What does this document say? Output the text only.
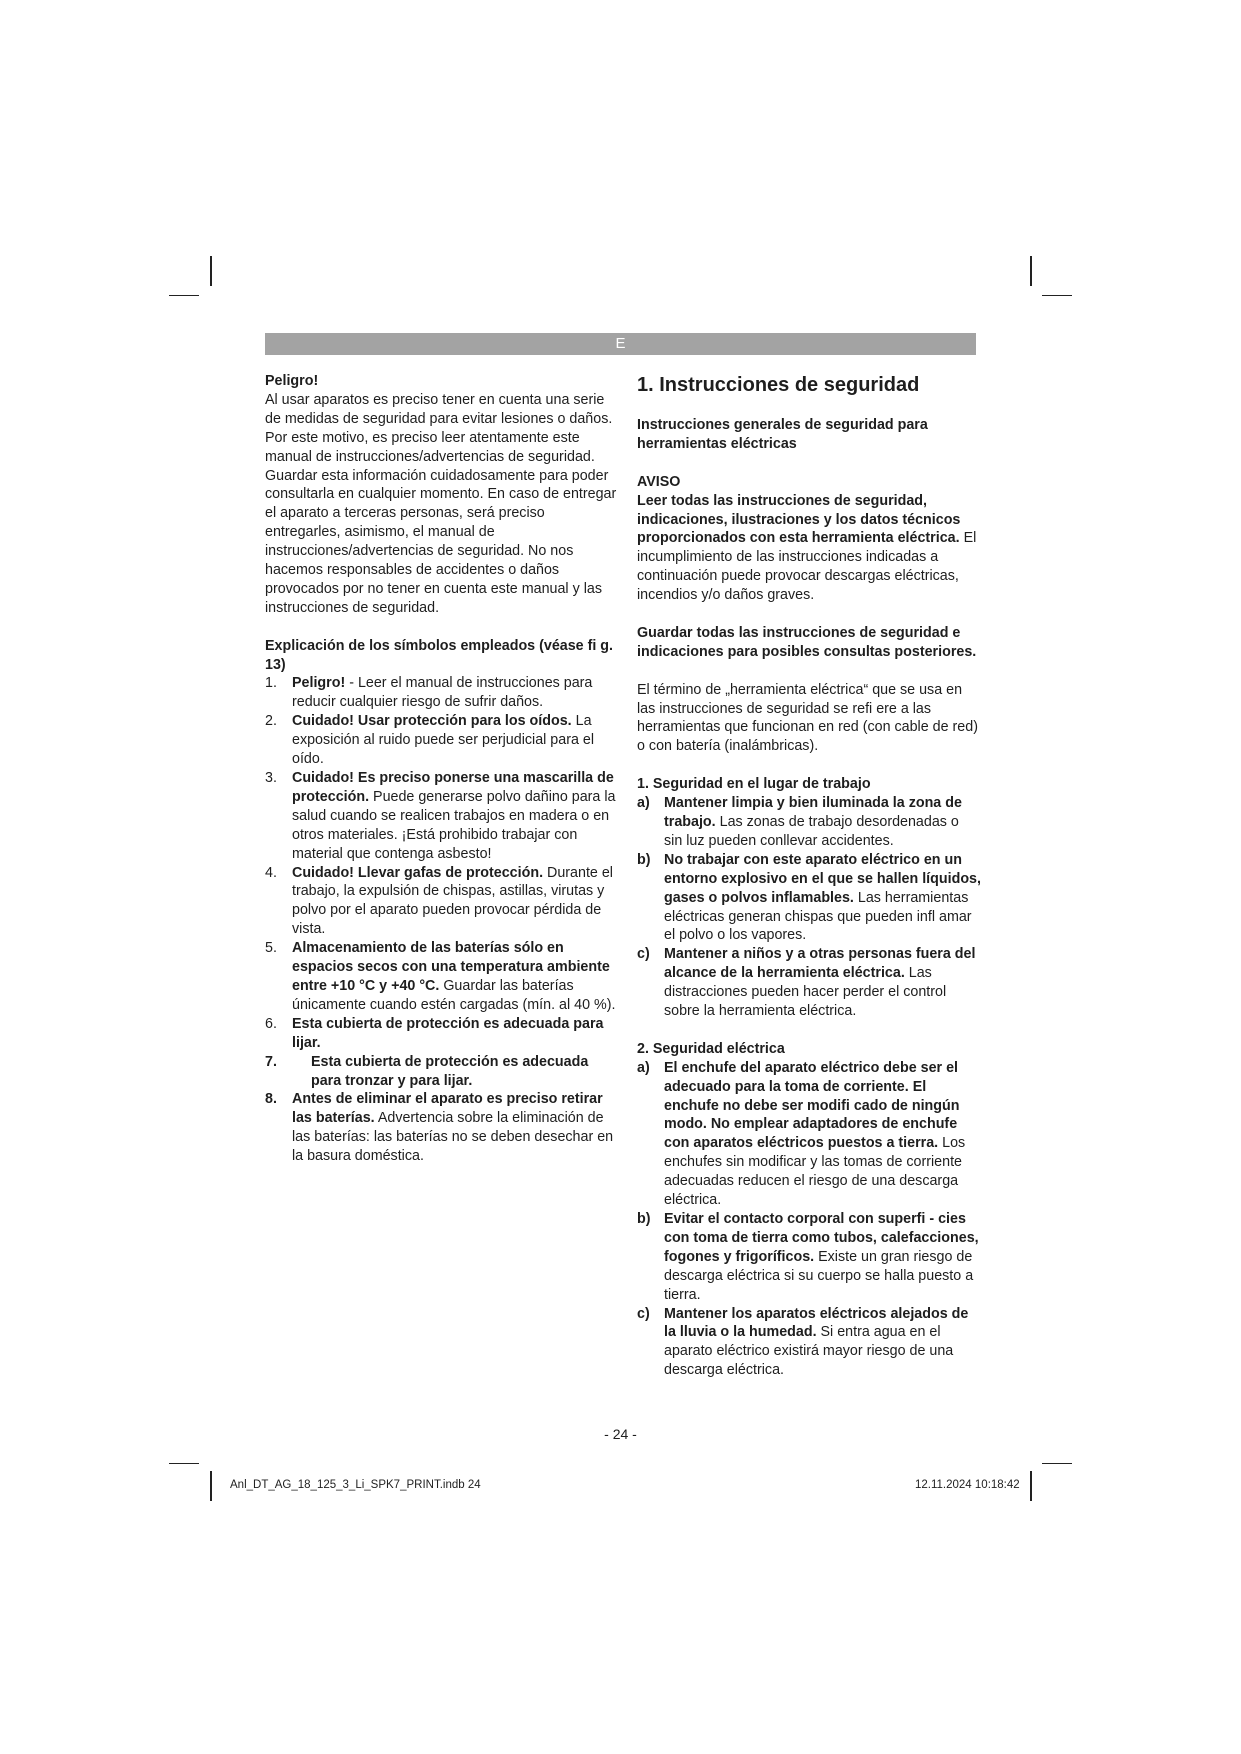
E

Peligro!

Al usar aparatos es preciso tener en cuenta una serie de medidas de seguridad para evitar lesiones o daños. Por este motivo, es preciso leer atentamente este manual de instrucciones/advertencias de seguridad. Guardar esta información cuidadosamente para poder consultarla en cualquier momento. En caso de entregar el aparato a terceras personas, será preciso entregarles, asimismo, el manual de instrucciones/advertencias de seguridad. No nos hacemos responsables de accidentes o daños provocados por no tener en cuenta este manual y las instrucciones de seguridad.

Explicación de los símbolos empleados (véase fi g. 13)

1. Peligro! - Leer el manual de instrucciones para reducir cualquier riesgo de sufrir daños.
2. Cuidado! Usar protección para los oídos. La exposición al ruido puede ser perjudicial para el oído.
3. Cuidado! Es preciso ponerse una mascarilla de protección. Puede generarse polvo dañino para la salud cuando se realicen trabajos en madera o en otros materiales. ¡Está prohibido trabajar con material que contenga asbesto!
4. Cuidado! Llevar gafas de protección. Durante el trabajo, la expulsión de chispas, astillas, virutas y polvo por el aparato pueden provocar pérdida de vista.
5. Almacenamiento de las baterías sólo en espacios secos con una temperatura ambiente entre +10 °C y +40 °C. Guardar las baterías únicamente cuando estén cargadas (mín. al 40 %).
6. Esta cubierta de protección es adecuada para lijar.
7. Esta cubierta de protección es adecuada para tronzar y para lijar.
8. Antes de eliminar el aparato es preciso retirar las baterías. Advertencia sobre la eliminación de las baterías: las baterías no se deben desechar en la basura doméstica.

1. Instrucciones de seguridad

Instrucciones generales de seguridad para herramientas eléctricas

AVISO

Leer todas las instrucciones de seguridad, indicaciones, ilustraciones y los datos técnicos proporcionados con esta herramienta eléctrica. El incumplimiento de las instrucciones indicadas a continuación puede provocar descargas eléctricas, incendios y/o daños graves.

Guardar todas las instrucciones de seguridad e indicaciones para posibles consultas posteriores.

El término de „herramienta eléctrica“ que se usa en las instrucciones de seguridad se refi ere a las herramientas que funcionan en red (con cable de red) o con batería (inalámbricas).

1. Seguridad en el lugar de trabajo

a) Mantener limpia y bien iluminada la zona de trabajo. Las zonas de trabajo desordenadas o sin luz pueden conllevar accidentes.
b) No trabajar con este aparato eléctrico en un entorno explosivo en el que se hallen líquidos, gases o polvos inflamables. Las herramientas eléctricas generan chispas que pueden infl amar el polvo o los vapores.
c) Mantener a niños y a otras personas fuera del alcance de la herramienta eléctrica. Las distracciones pueden hacer perder el control sobre la herramienta eléctrica.

2. Seguridad eléctrica

a) El enchufe del aparato eléctrico debe ser el adecuado para la toma de corriente. El enchufe no debe ser modifi cado de ningún modo. No emplear adaptadores de enchufe con aparatos eléctricos puestos a tierra. Los enchufes sin modificar y las tomas de corriente adecuadas reducen el riesgo de una descarga eléctrica.
b) Evitar el contacto corporal con superfi - cies con toma de tierra como tubos, calefacciones, fogones y frigoríficos. Existe un gran riesgo de descarga eléctrica si su cuerpo se halla puesto a tierra.
c) Mantener los aparatos eléctricos alejados de la lluvia o la humedad. Si entra agua en el aparato eléctrico existirá mayor riesgo de una descarga eléctrica.
- 24 -
Anl_DT_AG_18_125_3_Li_SPK7_PRINT.indb 24	12.11.2024 10:18:42
